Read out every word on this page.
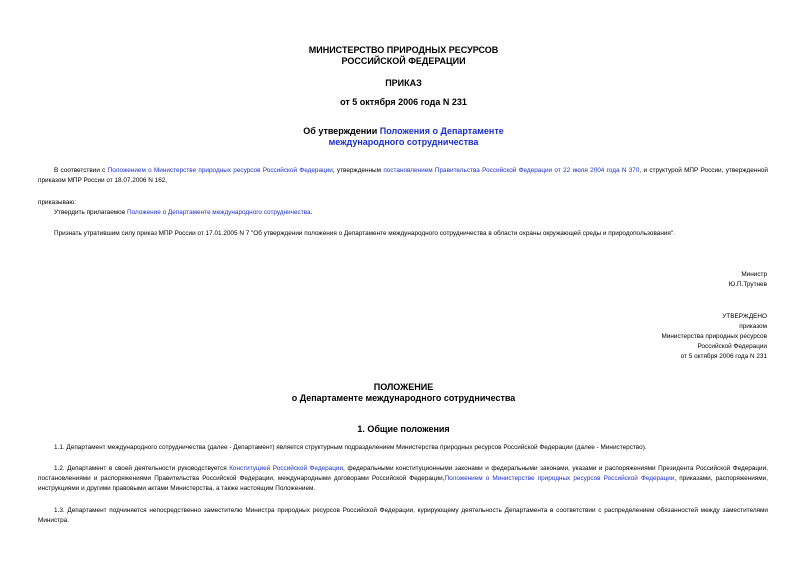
МИНИСТЕРСТВО ПРИРОДНЫХ РЕСУРСОВ
РОССИЙСКОЙ ФЕДЕРАЦИИ
ПРИКАЗ
от 5 октября 2006 года N 231
Об утверждении Положения о Департаменте
международного сотрудничества
В соответствии с Положением о Министерстве природных ресурсов Российской Федерации, утвержденным постановлением Правительства Российской Федерации от 22 июля 2004 года N 370, и структурой МПР России, утвержденной приказом МПР России от 18.07.2006 N 162,
приказываю:
Утвердить прилагаемое Положение о Департаменте международного сотрудничества.
Признать утратившим силу приказ МПР России от 17.01.2005 N 7 "Об утверждении положения о Департаменте международного сотрудничества в области охраны окружающей среды и природопользования".
Министр
Ю.П.Трутнев
УТВЕРЖДЕНО
приказом
Министерства природных ресурсов
Российской Федерации
от 5 октября 2006 года N 231
ПОЛОЖЕНИЕ
о Департаменте международного сотрудничества
1. Общие положения
1.1. Департамент международного сотрудничества (далее - Департамент) является структурным подразделением Министерства природных ресурсов Российской Федерации (далее - Министерство).
1.2. Департамент в своей деятельности руководствуется Конституцией Российской Федерации, федеральными конституционными законами и федеральными законами, указами и распоряжениями Президента Российской Федерации, постановлениями и распоряжениями Правительства Российской Федерации, международными договорами Российской Федерации,Положением о Министерстве природных ресурсов Российской Федерации, приказами, распоряжениями, инструкциями и другими правовыми актами Министерства, а также настоящим Положением.
1.3. Департамент подчиняется непосредственно заместителю Министра природных ресурсов Российской Федерации, курирующему деятельность Департамента в соответствии с распределением обязанностей между заместителями Министра.
